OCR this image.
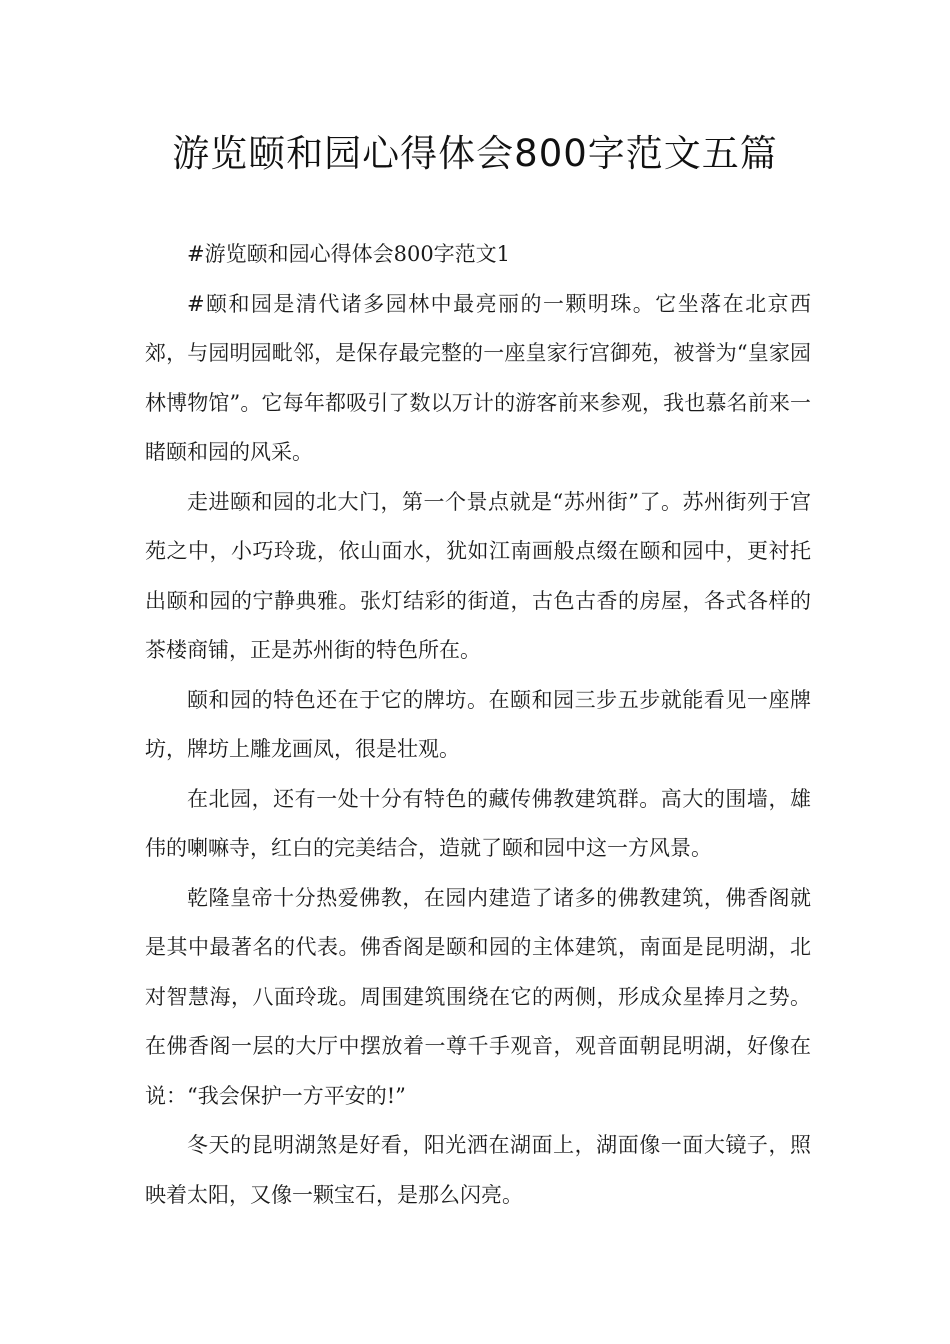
游览颐和园心得体会800字范文五篇

#游览颐和园心得体会800字范文1

#颐和园是清代诸多园林中最亮丽的一颗明珠。它坐落在北京西郊，与园明园毗邻，是保存最完整的一座皇家行宫御苑，被誉为“皇家园林博物馆”。它每年都吸引了数以万计的游客前来参观，我也慕名前来一睹颐和园的风采。

走进颐和园的北大门，第一个景点就是“苏州街”了。苏州街列于宫苑之中，小巧玲珑，依山面水，犹如江南画般点缀在颐和园中，更衬托出颐和园的宁静典雅。张灯结彩的街道，古色古香的房屋，各式各样的茶楼商铺，正是苏州街的特色所在。

颐和园的特色还在于它的牌坊。在颐和园三步五步就能看见一座牌坊，牌坊上雕龙画凤，很是壮观。

在北园，还有一处十分有特色的藏传佛教建筑群。高大的围墙，雄伟的喇嘛寺，红白的完美结合，造就了颐和园中这一方风景。

乾隆皇帝十分热爱佛教，在园内建造了诸多的佛教建筑，佛香阁就是其中最著名的代表。佛香阁是颐和园的主体建筑，南面是昆明湖，北对智慧海，八面玲珑。周围建筑围绕在它的两侧，形成众星捧月之势。在佛香阁一层的大厅中摆放着一尊千手观音，观音面朝昆明湖，好像在说：“我会保护一方平安的!”

冬天的昆明湖煞是好看，阳光洒在湖面上，湖面像一面大镜子，照映着太阳，又像一颗宝石，是那么闪亮。
